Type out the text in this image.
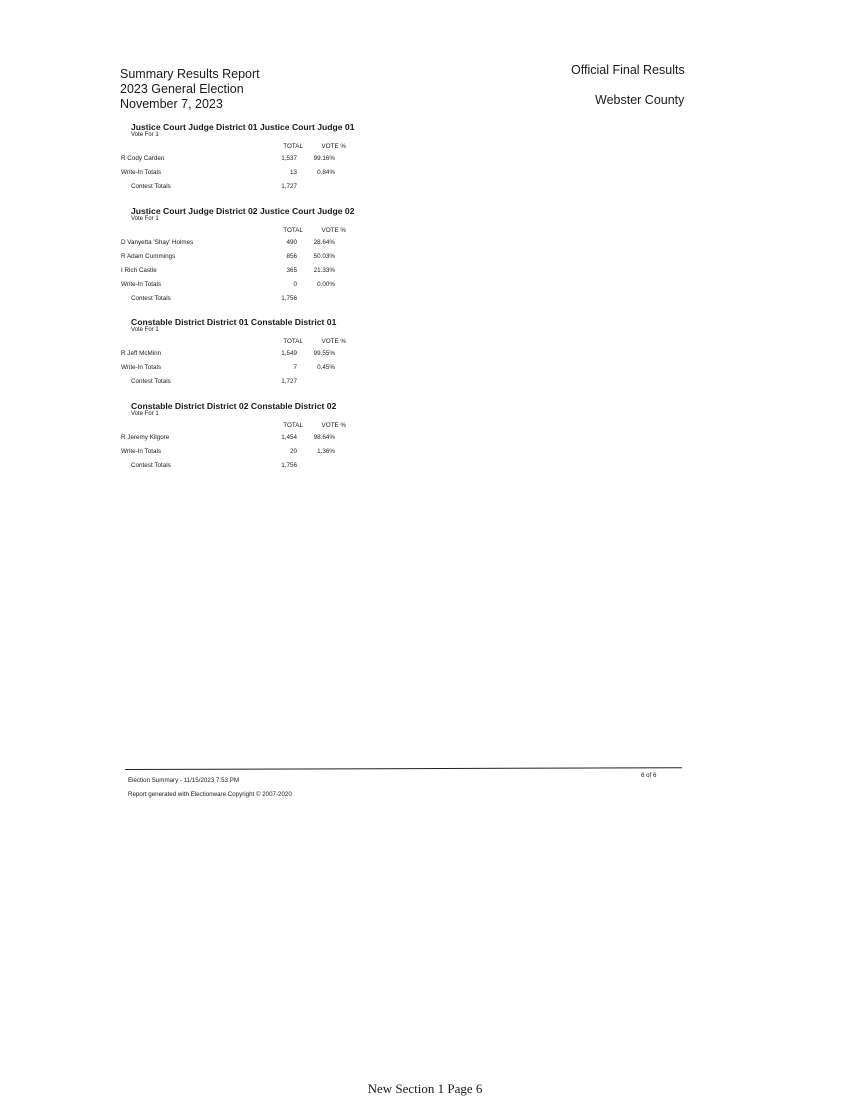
Summary Results Report
2023 General Election
November 7, 2023
Official Final Results
Webster County
Justice Court Judge District 01 Justice Court Judge 01
Vote For 1
TOTAL	VOTE %
R Cody Carden	1,537	99.16%
Write-In Totals	13	0.84%
Contest Totals	1,727
Justice Court Judge District 02 Justice Court Judge 02
Vote For 1
TOTAL	VOTE %
D Vanyetta 'Shay' Holmes	490	28.64%
R Adam Cummings	856	50.03%
I Rich Castle	365	21.33%
Write-In Totals	0	0.00%
Contest Totals	1,756
Constable District District 01 Constable District 01
Vote For 1
TOTAL	VOTE %
R Jeff McMinn	1,549	99.55%
Write-In Totals	7	0.45%
Contest Totals	1,727
Constable District District 02 Constable District 02
Vote For 1
TOTAL	VOTE %
R Jeremy Kilgore	1,454	98.64%
Write-In Totals	20	1.36%
Contest Totals	1,756
Election Summary - 11/15/2023 7:53 PM
Report generated with Electionware Copyright © 2007-2020
6 of 6
New Section 1 Page 6
